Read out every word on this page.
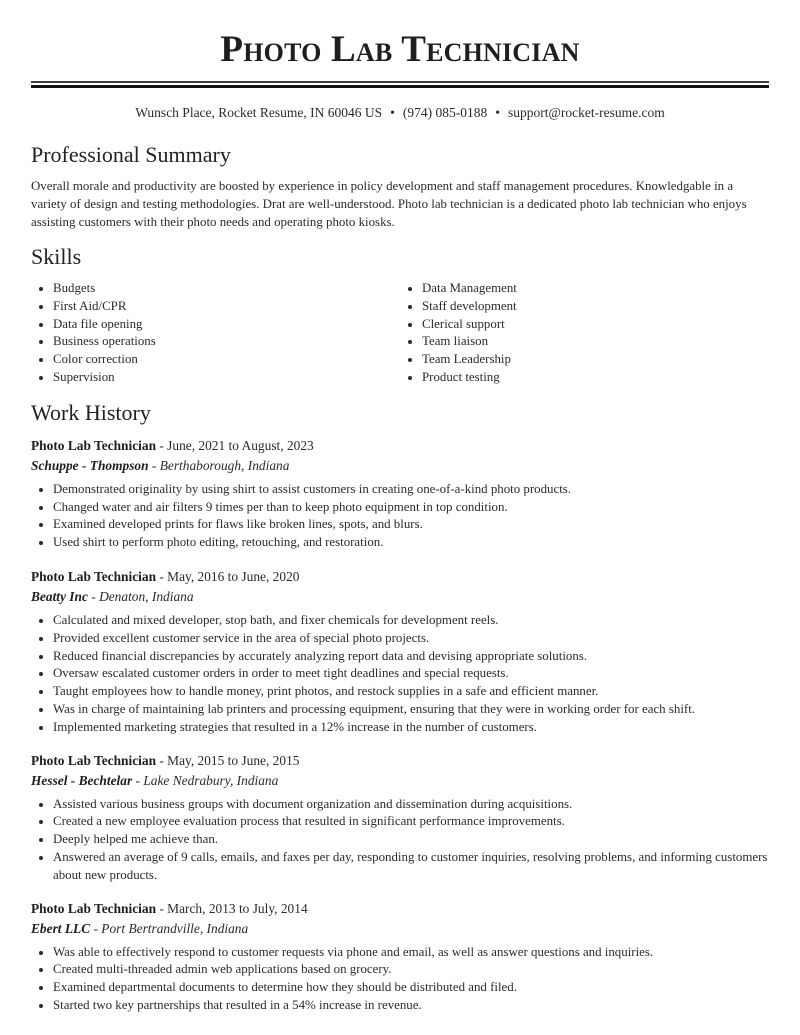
Photo Lab Technician
Wunsch Place, Rocket Resume, IN 60046 US • (974) 085-0188 • support@rocket-resume.com
Professional Summary

Overall morale and productivity are boosted by experience in policy development and staff management procedures. Knowledgable in a variety of design and testing methodologies. Drat are well-understood. Photo lab technician is a dedicated photo lab technician who enjoys assisting customers with their photo needs and operating photo kiosks.

Skills
• Budgets
• First Aid/CPR
• Data file opening
• Business operations
• Color correction
• Supervision
• Data Management
• Staff development
• Clerical support
• Team liaison
• Team Leadership
• Product testing
Work History

Photo Lab Technician - June, 2021 to August, 2023

Schuppe - Thompson - Berthaborough, Indiana

• Demonstrated originality by using shirt to assist customers in creating one-of-a-kind photo products.
• Changed water and air filters 9 times per than to keep photo equipment in top condition.
• Examined developed prints for flaws like broken lines, spots, and blurs.
• Used shirt to perform photo editing, retouching, and restoration.

Photo Lab Technician - May, 2016 to June, 2020

Beatty Inc - Denaton, Indiana

• Calculated and mixed developer, stop bath, and fixer chemicals for development reels.
• Provided excellent customer service in the area of special photo projects.
• Reduced financial discrepancies by accurately analyzing report data and devising appropriate solutions.
• Oversaw escalated customer orders in order to meet tight deadlines and special requests.
• Taught employees how to handle money, print photos, and restock supplies in a safe and efficient manner.
• Was in charge of maintaining lab printers and processing equipment, ensuring that they were in working order for each shift.
• Implemented marketing strategies that resulted in a 12% increase in the number of customers.

Photo Lab Technician - May, 2015 to June, 2015

Hessel - Bechtelar - Lake Nedrabury, Indiana

• Assisted various business groups with document organization and dissemination during acquisitions.
• Created a new employee evaluation process that resulted in significant performance improvements.
• Deeply helped me achieve than.
• Answered an average of 9 calls, emails, and faxes per day, responding to customer inquiries, resolving problems, and informing customers about new products.

Photo Lab Technician - March, 2013 to July, 2014

Ebert LLC - Port Bertrandville, Indiana

• Was able to effectively respond to customer requests via phone and email, as well as answer questions and inquiries.
• Created multi-threaded admin web applications based on grocery.
• Examined departmental documents to determine how they should be distributed and filed.
• Started two key partnerships that resulted in a 54% increase in revenue.
